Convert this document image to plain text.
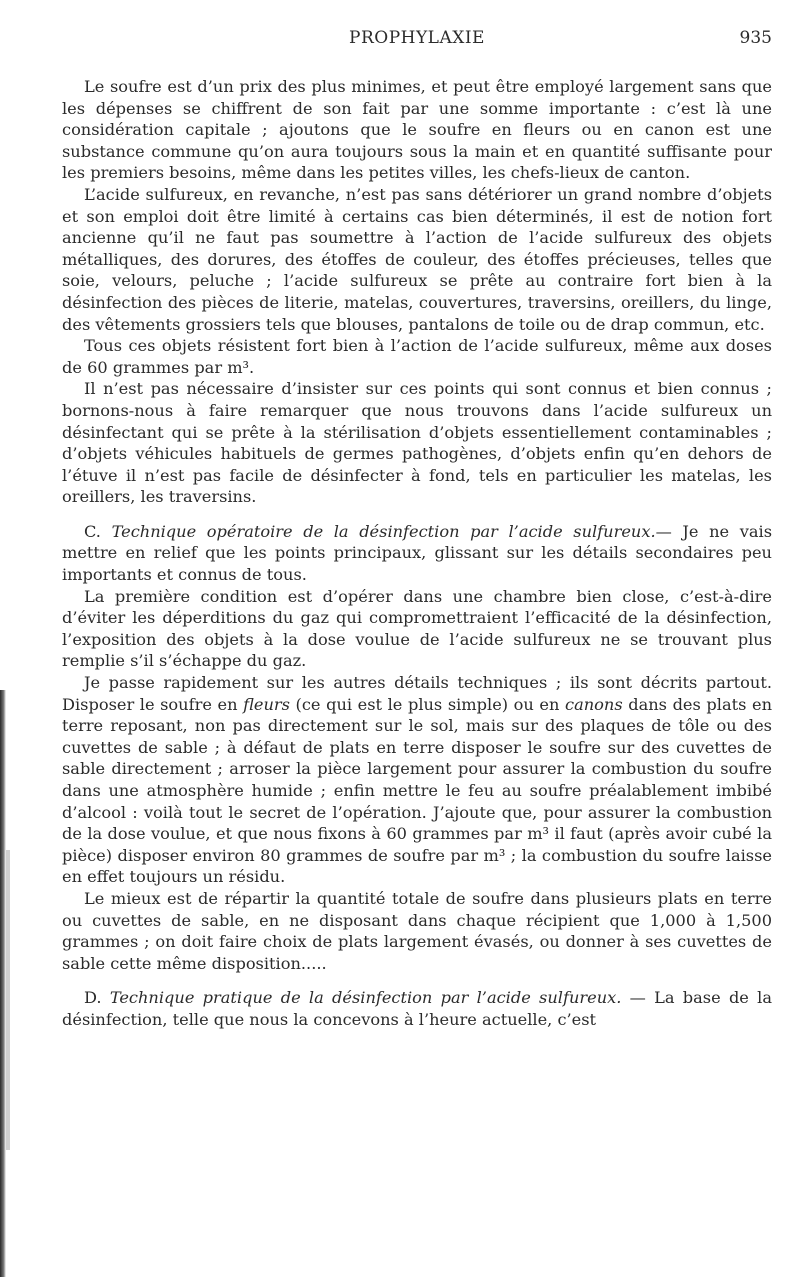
PROPHYLAXIE	935

Le soufre est d’un prix des plus minimes, et peut être employé largement sans que les dépenses se chiffrent de son fait par une somme importante : c’est là une considération capitale ; ajoutons que le soufre en fleurs ou en canon est une substance commune qu’on aura toujours sous la main et en quantité suffisante pour les premiers besoins, même dans les petites villes, les chefs-lieux de canton.

L’acide sulfureux, en revanche, n’est pas sans détériorer un grand nombre d’objets et son emploi doit être limité à certains cas bien déterminés, il est de notion fort ancienne qu’il ne faut pas soumettre à l’action de l’acide sulfureux des objets métalliques, des dorures, des étoffes de couleur, des étoffes précieuses, telles que soie, velours, peluche ; l’acide sulfureux se prête au contraire fort bien à la désinfection des pièces de literie, matelas, couvertures, traversins, oreillers, du linge, des vêtements grossiers tels que blouses, pantalons de toile ou de drap commun, etc.

Tous ces objets résistent fort bien à l’action de l’acide sulfureux, même aux doses de 60 grammes par m³.

Il n’est pas nécessaire d’insister sur ces points qui sont connus et bien connus ; bornons-nous à faire remarquer que nous trouvons dans l’acide sulfureux un désinfectant qui se prête à la stérilisation d’objets essentiellement contaminables ; d’objets véhicules habituels de germes pathogènes, d’objets enfin qu’en dehors de l’étuve il n’est pas facile de désinfecter à fond, tels en particulier les matelas, les oreillers, les traversins.

C. Technique opératoire de la désinfection par l’acide sulfureux.— Je ne vais mettre en relief que les points principaux, glissant sur les détails secondaires peu importants et connus de tous.

La première condition est d’opérer dans une chambre bien close, c’est-à-dire d’éviter les déperditions du gaz qui compromettraient l’efficacité de la désinfection, l’exposition des objets à la dose voulue de l’acide sulfureux ne se trouvant plus remplie s’il s’échappe du gaz.

Je passe rapidement sur les autres détails techniques ; ils sont décrits partout. Disposer le soufre en fleurs (ce qui est le plus simple) ou en canons dans des plats en terre reposant, non pas directement sur le sol, mais sur des plaques de tôle ou des cuvettes de sable ; à défaut de plats en terre disposer le soufre sur des cuvettes de sable directement ; arroser la pièce largement pour assurer la combustion du soufre dans une atmosphère humide ; enfin mettre le feu au soufre préalablement imbibé d’alcool : voilà tout le secret de l’opération. J’ajoute que, pour assurer la combustion de la dose voulue, et que nous fixons à 60 grammes par m³ il faut (après avoir cubé la pièce) disposer environ 80 grammes de soufre par m³ ; la combustion du soufre laisse en effet toujours un résidu.

Le mieux est de répartir la quantité totale de soufre dans plusieurs plats en terre ou cuvettes de sable, en ne disposant dans chaque récipient que 1,000 à 1,500 grammes ; on doit faire choix de plats largement évasés, ou donner à ses cuvettes de sable cette même disposition.....

D. Technique pratique de la désinfection par l’acide sulfureux. — La base de la désinfection, telle que nous la concevons à l’heure actuelle, c’est
